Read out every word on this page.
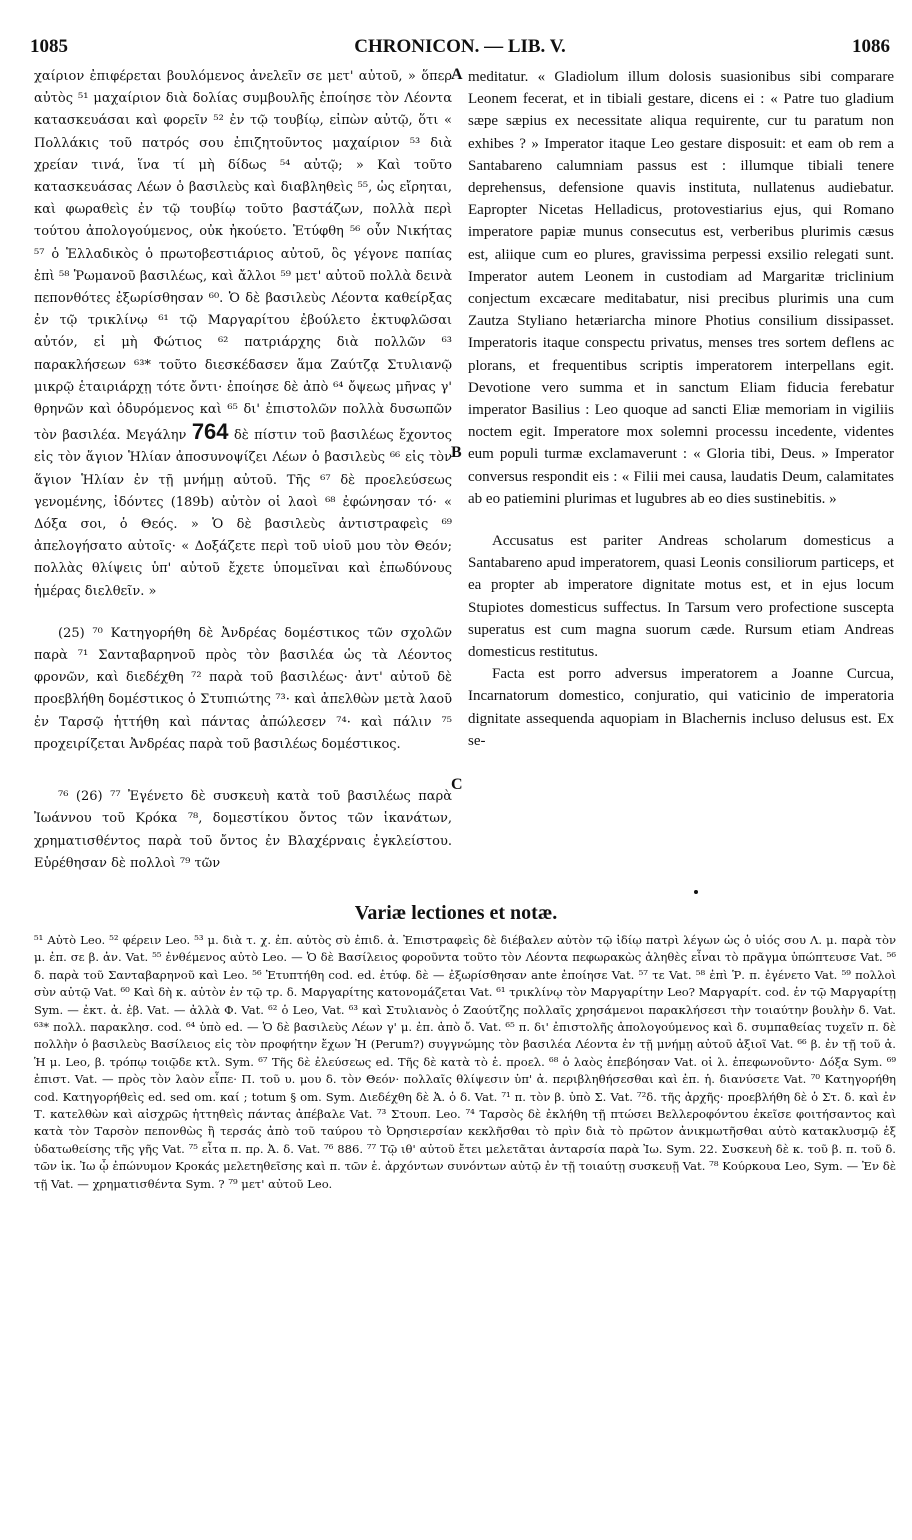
1085	CHRONICON. — LIB. V.	1086
A
B
C

χαίριον ἐπιφέρεται βουλόμενος ἀνελεῖν σε μετ' αὐτοῦ, » ὅπερ αὐτὸς ⁵¹ μαχαίριον διὰ δολίας συμβουλῆς ἐποίησε τὸν Λέοντα κατασκευάσαι καὶ φορεῖν ⁵² ἐν τῷ τουβίῳ, εἰπὼν αὐτῷ, ὅτι « Πολλάκις τοῦ πατρός σου ἐπιζητοῦντος μαχαίριον ⁵³ διὰ χρείαν τινά, ἵνα τί μὴ δίδως ⁵⁴ αὐτῷ; » Καὶ τοῦτο κατασκευάσας Λέων ὁ βασιλεὺς καὶ διαβληθεὶς ⁵⁵, ὡς εἴρηται, καὶ φωραθεὶς ἐν τῷ τουβίῳ τοῦτο βαστάζων, πολλὰ περὶ τούτου ἀπολογούμενος, οὐκ ἠκούετο. Ἐτύφθη ⁵⁶ οὖν Νικήτας ⁵⁷ ὁ Ἑλλαδικὸς ὁ πρωτοβεστιάριος αὐτοῦ, ὃς γέγονε παπίας ἐπὶ ⁵⁸ Ῥωμανοῦ βασιλέως, καὶ ἄλλοι ⁵⁹ μετ' αὐτοῦ πολλὰ δεινὰ πεπονθότες ἐξωρίσθησαν ⁶⁰. Ὁ δὲ βασιλεὺς Λέοντα καθείρξας ἐν τῷ τρικλίνῳ ⁶¹ τῷ Μαργαρίτου ἐβούλετο ἐκτυφλῶσαι αὐτόν, εἰ μὴ Φώτιος ⁶² πατριάρχης διὰ πολλῶν ⁶³ παρακλήσεων ⁶³* τοῦτο διεσκέδασεν ἅμα Ζαύτζᾳ Στυλιανῷ μικρῷ ἑταιριάρχῃ τότε ὄντι· ἐποίησε δὲ ἀπὸ ⁶⁴ ὄψεως μῆνας γ' θρηνῶν καὶ ὀδυρόμενος καὶ ⁶⁵ δι' ἐπιστολῶν πολλὰ δυσωπῶν τὸν βασιλέα. Μεγάλην 764 δὲ πίστιν τοῦ βασιλέως ἔχοντος εἰς τὸν ἅγιον Ἡλίαν ἀποσυνοψίζει Λέων ὁ βασιλεὺς ⁶⁶ εἰς τὸν ἅγιον Ἡλίαν ἐν τῇ μνήμῃ αὐτοῦ. Τῆς ⁶⁷ δὲ προελεύσεως γενομένης, ἰδόντες (189b) αὐτὸν οἱ λαοὶ ⁶⁸ ἐφώνησαν τό· « Δόξα σοι, ὁ Θεός. » Ὁ δὲ βασιλεὺς ἀντιστραφεὶς ⁶⁹ ἀπελογήσατο αὐτοῖς· « Δοξάζετε περὶ τοῦ υἱοῦ μου τὸν Θεόν; πολλὰς θλίψεις ὑπ' αὐτοῦ ἔχετε ὑπομεῖναι καὶ ἐπωδύνους ἡμέρας διελθεῖν. »

(25) ⁷⁰ Κατηγορήθη δὲ Ἀνδρέας δομέστικος τῶν σχολῶν παρὰ ⁷¹ Σανταβαρηνοῦ πρὸς τὸν βασιλέα ὡς τὰ Λέοντος φρονῶν, καὶ διεδέχθη ⁷² παρὰ τοῦ βασιλέως· ἀντ' αὐτοῦ δὲ προεβλήθη δομέστικος ὁ Στυπιώτης ⁷³· καὶ ἀπελθὼν μετὰ λαοῦ ἐν Ταρσῷ ἡττήθη καὶ πάντας ἀπώλεσεν ⁷⁴· καὶ πάλιν ⁷⁵ προχειρίζεται Ἀνδρέας παρὰ τοῦ βασιλέως δομέστικος.

⁷⁶ (26) ⁷⁷ Ἐγένετο δὲ συσκευὴ κατὰ τοῦ βασιλέως παρὰ Ἰωάννου τοῦ Κρόκα ⁷⁸, δομεστίκου ὄντος τῶν ἱκανάτων, χρηματισθέντος παρὰ τοῦ ὄντος ἐν Βλαχέρναις ἐγκλείστου. Εὑρέθησαν δὲ πολλοὶ ⁷⁹ τῶν

meditatur. « Gladiolum illum dolosis suasionibus sibi comparare Leonem fecerat, et in tibiali gestare, dicens ei : « Patre tuo gladium sæpe sæpius ex necessitate aliqua requirente, cur tu paratum non exhibes ? » Imperator itaque Leo gestare disposuit: et eam ob rem a Santabareno calumniam passus est : illumque tibiali tenere deprehensus, defensione quavis instituta, nullatenus audiebatur. Eapropter Nicetas Helladicus, protovestiarius ejus, qui Romano imperatore papiæ munus consecutus est, verberibus plurimis cæsus est, aliique cum eo plures, gravissima perpessi exsilio relegati sunt. Imperator autem Leonem in custodiam ad Margaritæ triclinium conjectum excæcare meditabatur, nisi precibus plurimis una cum Zautza Styliano hetæriarcha minore Photius consilium dissipasset. Imperatoris itaque conspectu privatus, menses tres sortem deflens ac plorans, et frequentibus scriptis imperatorem interpellans egit. Devotione vero summa et in sanctum Eliam fiducia ferebatur imperator Basilius : Leo quoque ad sancti Eliæ memoriam in vigiliis noctem egit. Imperatore mox solemni processu incedente, videntes eum populi turmæ exclamaverunt : « Gloria tibi, Deus. » Imperator conversus respondit eis : « Filii mei causa, laudatis Deum, calamitates ab eo patiemini plurimas et lugubres ab eo dies sustinebitis. »

Accusatus est pariter Andreas scholarum domesticus a Santabareno apud imperatorem, quasi Leonis consiliorum particeps, et ea propter ab imperatore dignitate motus est, et in ejus locum Stupiotes domesticus suffectus. In Tarsum vero profectione suscepta superatus est cum magna suorum cæde. Rursum etiam Andreas domesticus restitutus.

Facta est porro adversus imperatorem a Joanne Curcua, Incarnatorum domestico, conjuratio, qui vaticinio de imperatoria dignitate assequenda aquopiam in Blachernis incluso delusus est. Ex se-

Variæ lectiones et notæ.

⁵¹ Αὐτὸ Leo. ⁵² φέρειν Leo. ⁵³ μ. διὰ τ. χ. ἐπ. αὐτὸς σὺ ἐπιδ. ἀ. Ἐπιστραφεὶς δὲ διέβαλεν αὐτὸν τῷ ἰδίῳ πατρὶ λέγων ὡς ὁ υἱός σου Λ. μ. παρὰ τὸν μ. ἐπ. σε β. ἀν. Vat. ⁵⁵ ἐνθέμενος αὐτὸ Leo. — Ὁ δὲ Βασίλειος φοροῦντα τοῦτο τὸν Λέοντα πεφωρακὼς ἀληθὲς εἶναι τὸ πρᾶγμα ὑπώπτευσε Vat. ⁵⁶ δ. παρὰ τοῦ Σανταβαρηνοῦ καὶ Leo. ⁵⁶ Ἐτυπτήθη cod. ed. ἐτύφ. δὲ — ἐξωρίσθησαν ante ἐποίησε Vat. ⁵⁷ τε Vat. ⁵⁸ ἐπὶ Ῥ. π. ἐγένετο Vat. ⁵⁹ πολλοὶ σὺν αὐτῷ Vat. ⁶⁰ Καὶ δὴ κ. αὐτὸν ἐν τῷ τρ. δ. Μαργαρίτης κατονομάζεται Vat. ⁶¹ τρικλίνῳ τὸν Μαργαρίτην Leo? Μαργαρίτ. cod. ἐν τῷ Μαργαρίτῃ Sym. — ἐκτ. ἀ. ἐβ. Vat. — ἀλλὰ Φ. Vat. ⁶² ὁ Leo, Vat. ⁶³ καὶ Στυλιανὸς ὁ Ζαούτζης πολλαῖς χρησάμενοι παρακλήσεσι τὴν τοιαύτην βουλὴν δ. Vat. ⁶³* πολλ. παρακλησ. cod. ⁶⁴ ὑπὸ ed. — Ὁ δὲ βασιλεὺς Λέων γ' μ. ἐπ. ἀπὸ ὄ. Vat. ⁶⁵ π. δι' ἐπιστολῆς ἀπολογούμενος καὶ δ. συμπαθείας τυχεῖν π. δὲ πολλὴν ὁ βασιλεὺς Βασίλειος εἰς τὸν προφήτην ἔχων Ἠ (Perum?) συγγνώμης τὸν βασιλέα Λέοντα ἐν τῇ μνήμῃ αὐτοῦ ἀξιοῖ Vat. ⁶⁶ β. ἐν τῇ τοῦ ἁ. Ἡ μ. Leo, β. τρόπῳ τοιῷδε κτλ. Sym. ⁶⁷ Τῆς δὲ ἐλεύσεως ed. Τῆς δὲ κατὰ τὸ ἑ. προελ. ⁶⁸ ὁ λαὸς ἐπεβόησαν Vat. οἱ λ. ἐπεφωνοῦντο· Δόξα Sym. ⁶⁹ ἐπιστ. Vat. — πρὸς τὸν λαὸν εἶπε· Π. τοῦ υ. μου δ. τὸν Θεόν· πολλαῖς θλίψεσιν ὑπ' ἀ. περιβληθήσεσθαι καὶ ἐπ. ἡ. διανύσετε Vat. ⁷⁰ Κατηγορήθη cod. Κατηγορήθεὶς ed. sed om. καί ; totum § om. Sym. Διεδέχθη δὲ Ἀ. ὁ δ. Vat. ⁷¹ π. τὸν β. ὑπὸ Σ. Vat. ⁷²δ. τῆς ἀρχῆς· προεβλήθη δὲ ὁ Στ. δ. καὶ ἐν Τ. κατελθὼν καὶ αἰσχρῶς ἡττηθεὶς πάντας ἀπέβαλε Vat. ⁷³ Στουπ. Leo. ⁷⁴ Ταρσὸς δὲ ἐκλήθη τῇ πτώσει Βελλεροφόντου ἐκεῖσε φοιτήσαντος καὶ κατὰ τὸν Ταρσὸν πεπονθὼς ἢ τερσάς ἀπὸ τοῦ ταύρου τὸ Ὀρησιερσίαν κεκλῆσθαι τὸ πρὶν διὰ τὸ πρῶτον ἀνικμωτῆσθαι αὐτὸ κατακλυσμῷ ἐξ ὑδατωθείσης τῆς γῆς Vat. ⁷⁵ εἶτα π. πρ. Ἀ. δ. Vat. ⁷⁶ 886. ⁷⁷ Τῷ ιθ' αὐτοῦ ἔτει μελετᾶται ἀνταρσία παρὰ Ἰω. Sym. 22. Συσκευὴ δὲ κ. τοῦ β. π. τοῦ δ. τῶν ἱκ. Ἰω ᾧ ἐπώνυμον Κροκάς μελετηθεῖσης καὶ π. τῶν ἑ. ἀρχόντων συνόντων αὐτῷ ἐν τῇ τοιαύτῃ συσκευῇ Vat. ⁷⁸ Κούρκουα Leo, Sym. — Ἐν δὲ τῇ Vat. — χρηματισθέντα Sym. ? ⁷⁹ μετ' αὐτοῦ Leo.
